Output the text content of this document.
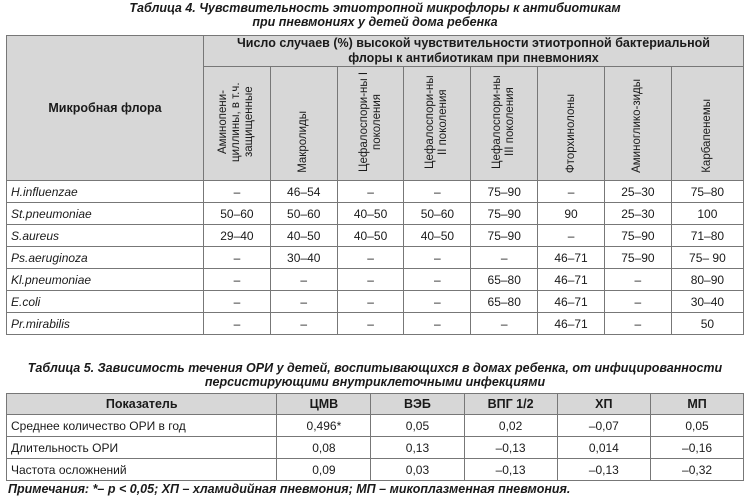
Таблица 4. Чувствительность этиотропной микрофлоры к антибиотикам
при пневмониях у детей дома ребенка
Микробная флора	Число случаев (%) высокой чувствительности этиотропной бактериальной
флоры к антибиотикам при пневмониях							

	Аминопени-циллины, в т.ч. защищенные	Макролиды	Цефалоспори-ны I поколения	Цефалоспори-ны II поколения	Цефалоспори-ны III поколения	Фторхинолоны	Аминоглико-зиды	Карбапенемы
H.influenzae	–	46–54	–	–	75–90	–	25–30	75–80
St.pneumoniae	50–60	50–60	40–50	50–60	75–90	90	25–30	100
S.aureus	29–40	40–50	40–50	40–50	75–90	–	75–90	71–80
Ps.aeruginoza	–	30–40	–	–	–	46–71	75–90	75– 90
Kl.pneumoniae	–	–	–	–	65–80	46–71	–	80–90
E.coli	–	–	–	–	65–80	46–71	–	30–40
Pr.mirabilis	–	–	–	–	–	46–71	–	50
Таблица 5. Зависимость течения ОРИ у детей, воспитывающихся в домах ребенка, от инфицированности
персистирующими внутриклеточными инфекциями
Показатель	ЦМВ	ВЭБ	ВПГ 1/2	ХП	МП
Среднее количество ОРИ в год	0,496*	0,05	0,02	–0,07	0,05
Длительность ОРИ	0,08	0,13	–0,13	0,014	–0,16
Частота осложнений	0,09	0,03	–0,13	–0,13	–0,32
Примечания: *– p < 0,05; ХП – хламидийная пневмония; МП – микоплазменная пневмония.
